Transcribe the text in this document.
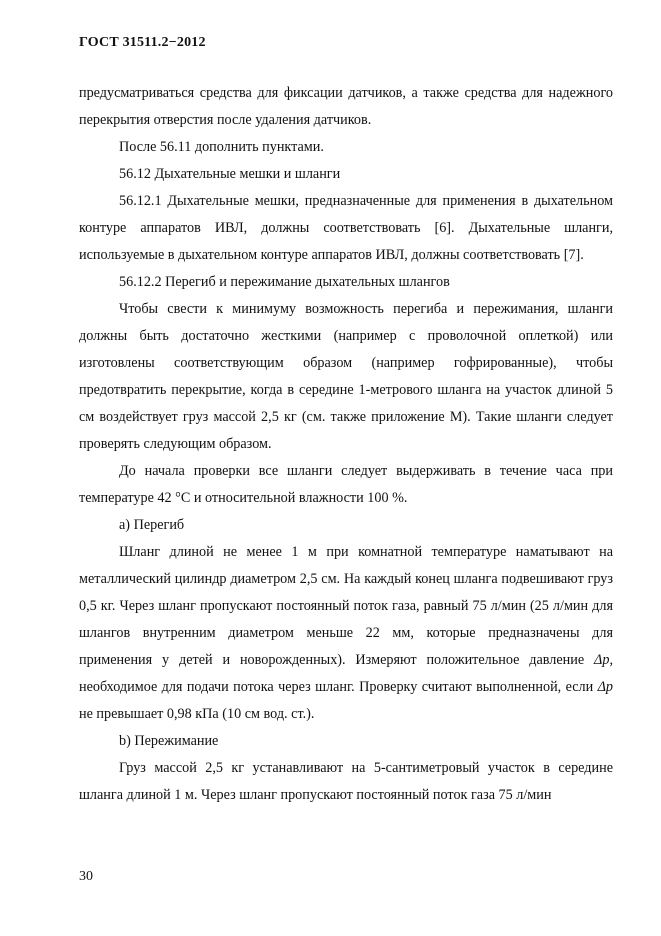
ГОСТ 31511.2−2012

предусматриваться средства для фиксации датчиков, а также средства для надежного перекрытия отверстия после удаления датчиков.

После 56.11 дополнить пунктами.

56.12 Дыхательные мешки и шланги

56.12.1 Дыхательные мешки, предназначенные для применения в дыхательном контуре аппаратов ИВЛ, должны соответствовать [6]. Дыхательные шланги, используемые в дыхательном контуре аппаратов ИВЛ, должны соответствовать [7].

56.12.2 Перегиб и пережимание дыхательных шлангов

Чтобы свести к минимуму возможность перегиба и пережимания, шланги должны быть достаточно жесткими (например с проволочной оплеткой) или изготовлены соответствующим образом (например гофрированные), чтобы предотвратить перекрытие, когда в середине 1-метрового шланга на участок длиной 5 см воздействует груз массой 2,5 кг (см. также приложение М). Такие шланги следует проверять следующим образом.

До начала проверки все шланги следует выдерживать в течение часа при температуре 42 °С и относительной влажности 100 %.

а) Перегиб

Шланг длиной не менее 1 м при комнатной температуре наматывают на металлический цилиндр диаметром 2,5 см. На каждый конец шланга подвешивают груз 0,5 кг. Через шланг пропускают постоянный поток газа, равный 75 л/мин (25 л/мин для шлангов внутренним диаметром меньше 22 мм, которые предназначены для применения у детей и новорожденных). Измеряют положительное давление Δp, необходимое для подачи потока через шланг. Проверку считают выполненной, если Δp не превышает 0,98 кПа (10 см вод. ст.).

b) Пережимание

Груз массой 2,5 кг устанавливают на 5-сантиметровый участок в середине шланга длиной 1 м. Через шланг пропускают постоянный поток газа 75 л/мин

30
